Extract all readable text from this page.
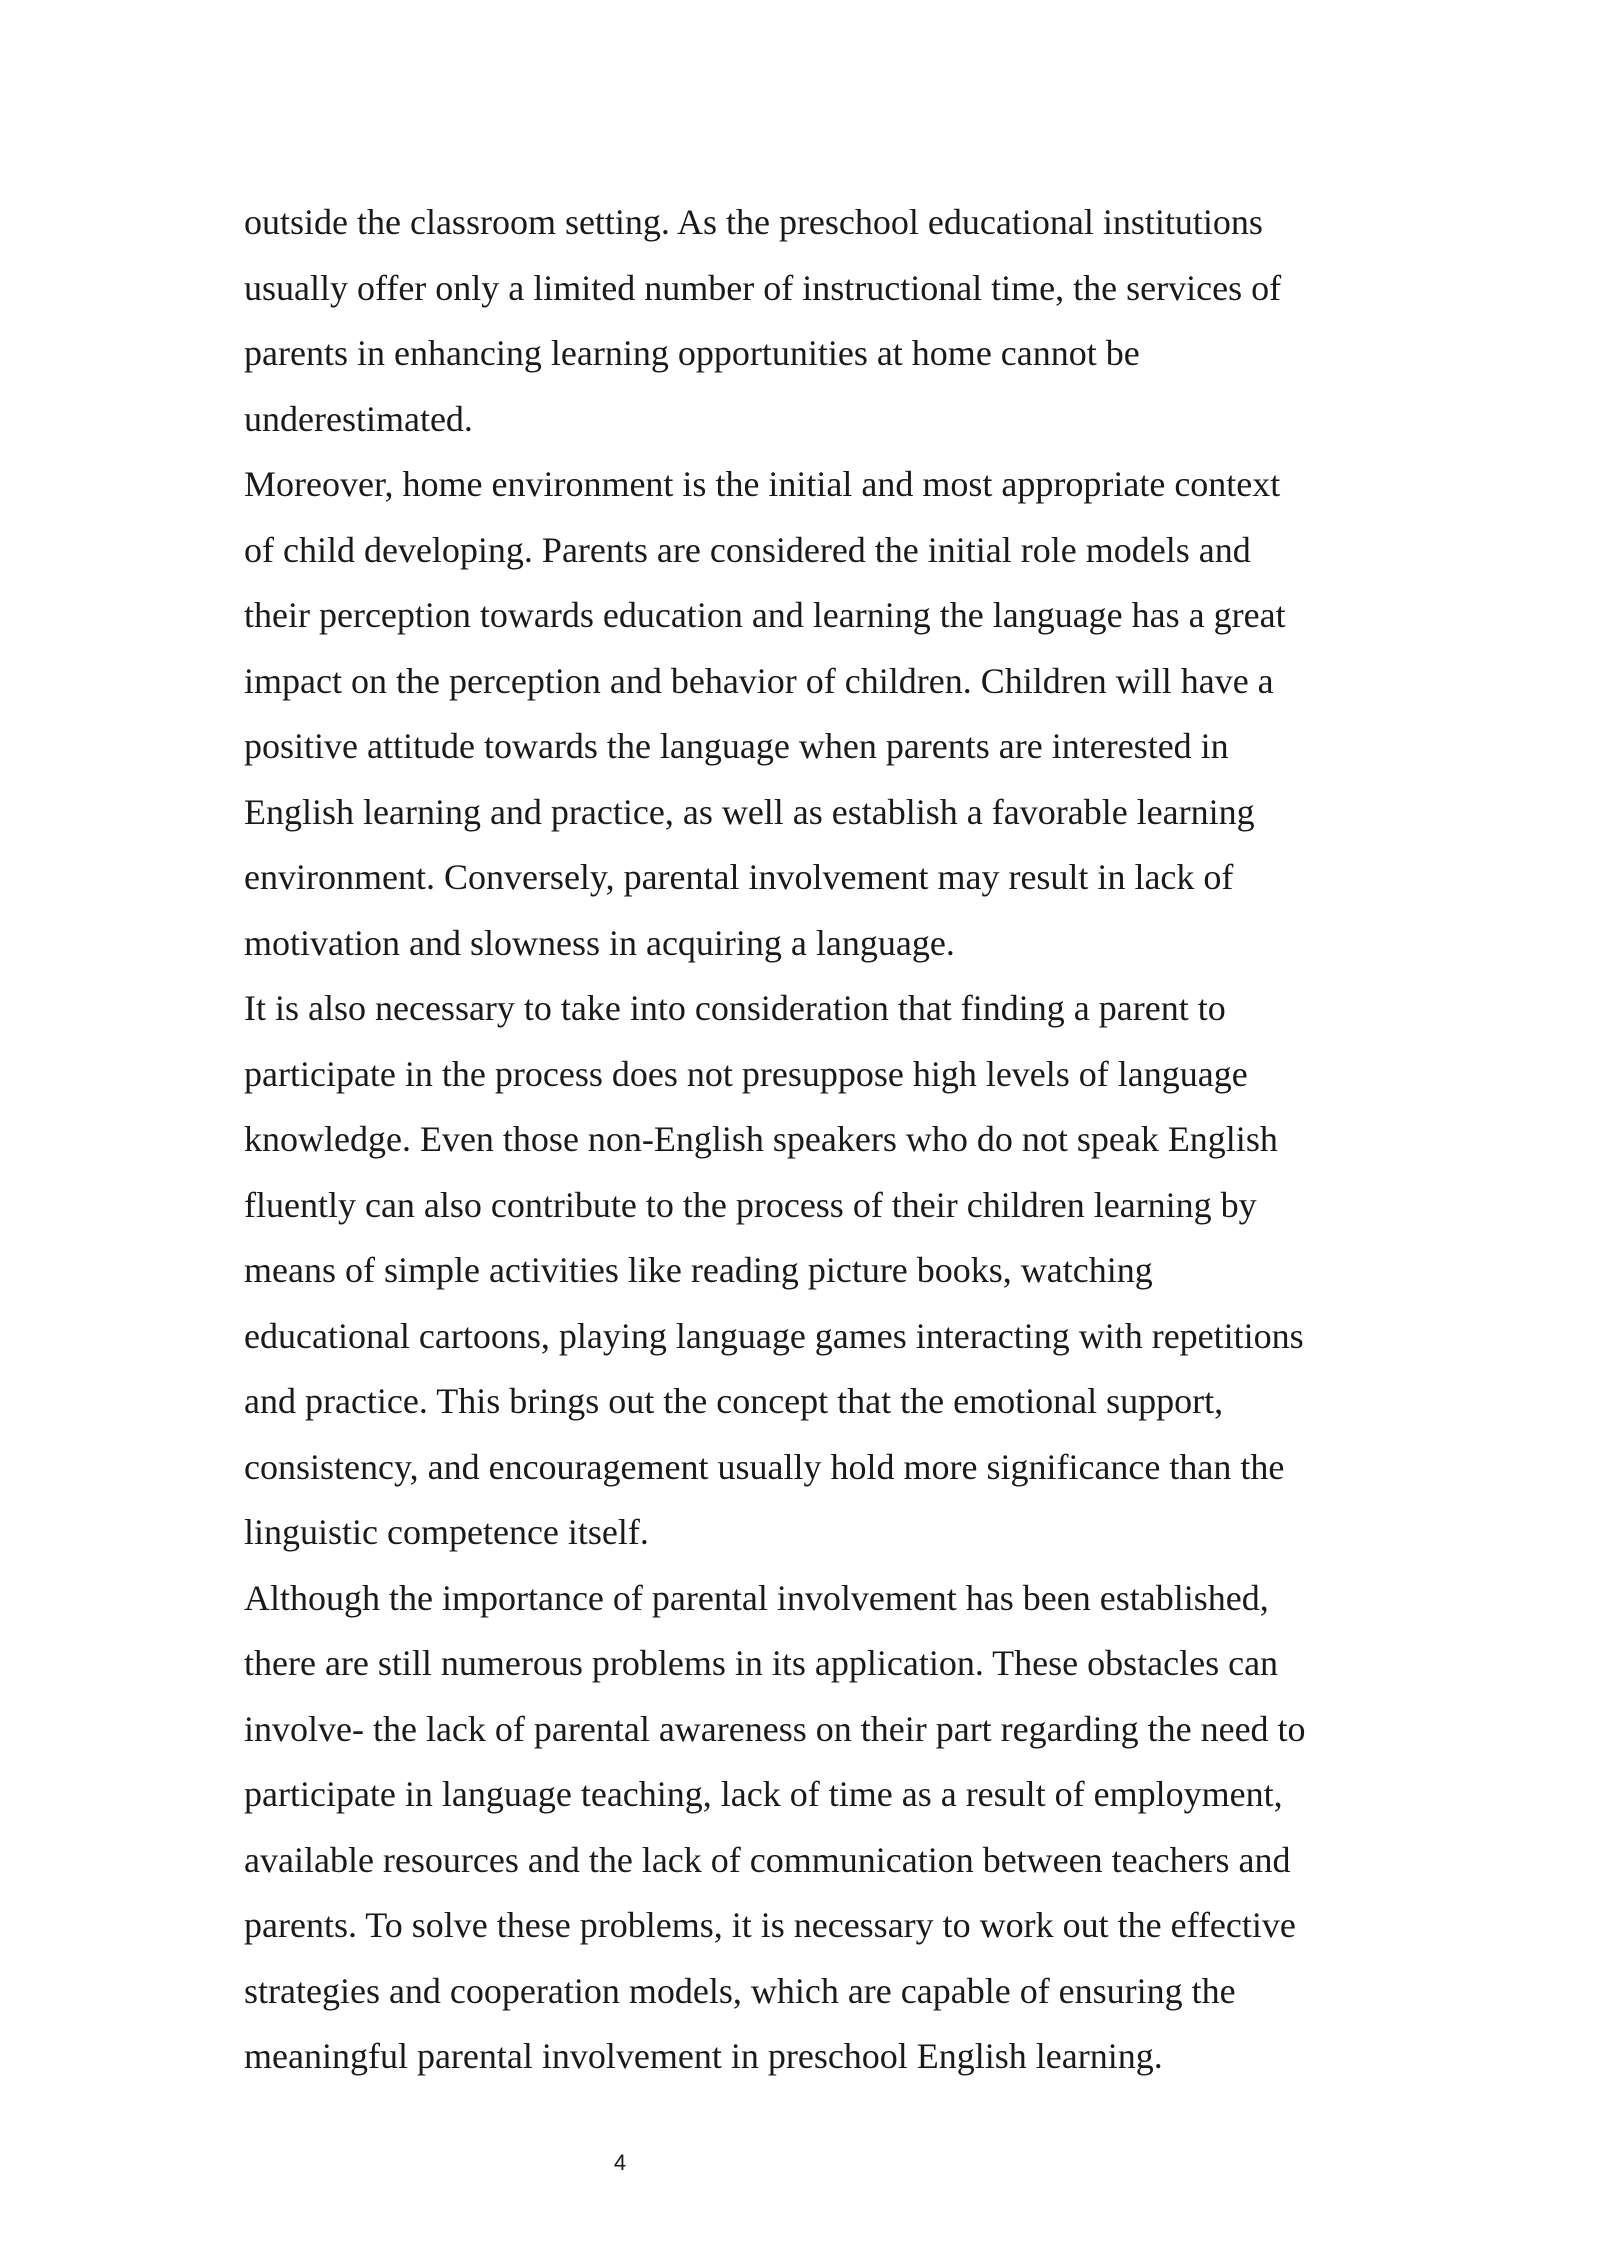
outside the classroom setting. As the preschool educational institutions
usually offer only a limited number of instructional time, the services of
parents in enhancing learning opportunities at home cannot be
underestimated.
Moreover, home environment is the initial and most appropriate context
of child developing. Parents are considered the initial role models and
their perception towards education and learning the language has a great
impact on the perception and behavior of children. Children will have a
positive attitude towards the language when parents are interested in
English learning and practice, as well as establish a favorable learning
environment. Conversely, parental involvement may result in lack of
motivation and slowness in acquiring a language.
It is also necessary to take into consideration that finding a parent to
participate in the process does not presuppose high levels of language
knowledge. Even those non-English speakers who do not speak English
fluently can also contribute to the process of their children learning by
means of simple activities like reading picture books, watching
educational cartoons, playing language games interacting with repetitions
and practice. This brings out the concept that the emotional support,
consistency, and encouragement usually hold more significance than the
linguistic competence itself.
Although the importance of parental involvement has been established,
there are still numerous problems in its application. These obstacles can
involve- the lack of parental awareness on their part regarding the need to
participate in language teaching, lack of time as a result of employment,
available resources and the lack of communication between teachers and
parents. To solve these problems, it is necessary to work out the effective
strategies and cooperation models, which are capable of ensuring the
meaningful parental involvement in preschool English learning.
4
